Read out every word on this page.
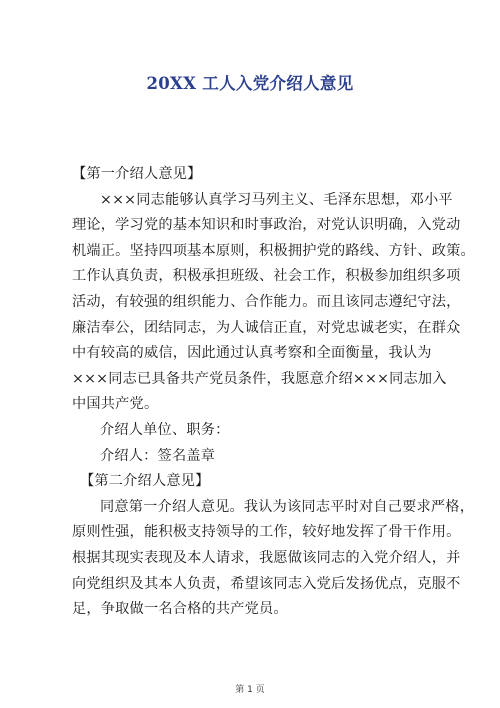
20XX 工人入党介绍人意见
【第一介绍人意见】
×××同志能够认真学习马列主义、毛泽东思想，邓小平
理论，学习党的基本知识和时事政治，对党认识明确，入党动
机端正。坚持四项基本原则，积极拥护党的路线、方针、政策。
工作认真负责，积极承担班级、社会工作，积极参加组织多项
活动，有较强的组织能力、合作能力。而且该同志遵纪守法，
廉洁奉公，团结同志，为人诚信正直，对党忠诚老实，在群众
中有较高的威信，因此通过认真考察和全面衡量，我认为
×××同志已具备共产党员条件，我愿意介绍×××同志加入
中国共产党。
介绍人单位、职务：
介绍人：签名盖章
【第二介绍人意见】
同意第一介绍人意见。我认为该同志平时对自己要求严格，
原则性强，能积极支持领导的工作，较好地发挥了骨干作用。
根据其现实表现及本人请求，我愿做该同志的入党介绍人，并
向党组织及其本人负责，希望该同志入党后发扬优点，克服不
足，争取做一名合格的共产党员。
第 1 页
